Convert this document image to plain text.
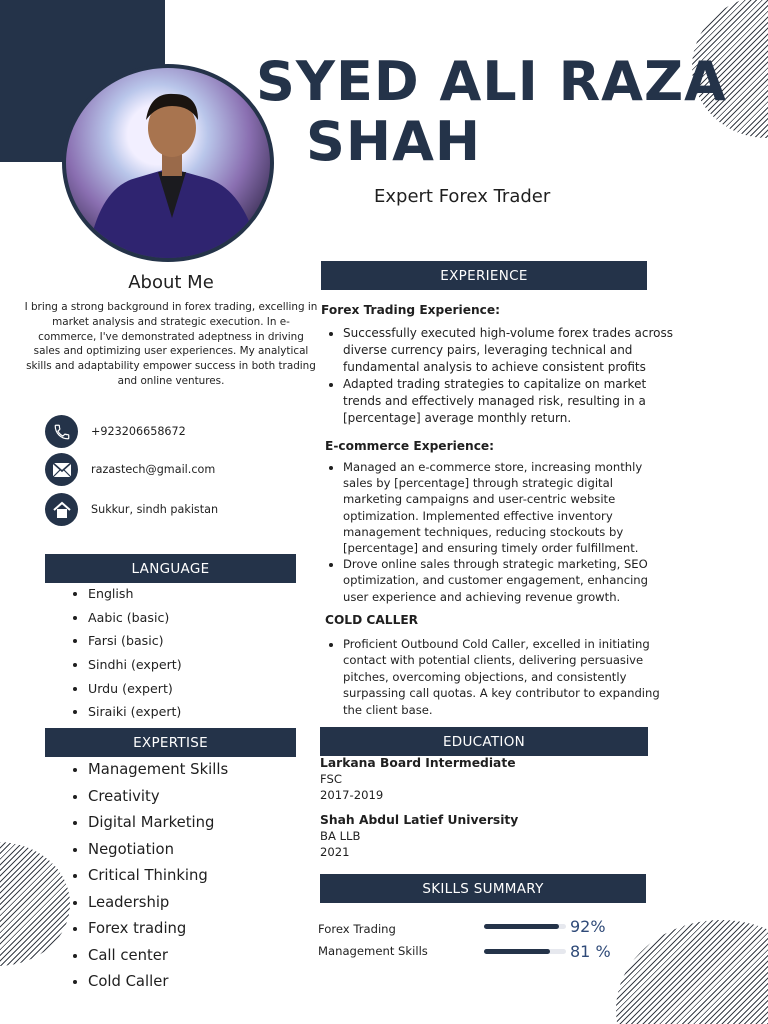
SYED ALI RAZA
SHAH
Expert Forex Trader
About Me
I bring a strong background in forex trading, excelling in market analysis and strategic execution. In e-commerce, I've demonstrated adeptness in driving sales and optimizing user experiences. My analytical skills and adaptability empower success in both trading and online ventures.
+923206658672
razastech@gmail.com
Sukkur, sindh pakistan
LANGUAGE
• English
• Aabic (basic)
• Farsi (basic)
• Sindhi (expert)
• Urdu (expert)
• Siraiki (expert)
EXPERTISE
• Management Skills
• Creativity
• Digital Marketing
• Negotiation
• Critical Thinking
• Leadership
• Forex trading
• Call center
• Cold Caller
EXPERIENCE
Forex Trading Experience:
• Successfully executed high-volume forex trades across
diverse currency pairs, leveraging technical and
fundamental analysis to achieve consistent profits
• Adapted trading strategies to capitalize on market
trends and effectively managed risk, resulting in a
[percentage] average monthly return.
E-commerce Experience:
• Managed an e-commerce store, increasing monthly
sales by [percentage] through strategic digital
marketing campaigns and user-centric website
optimization. Implemented effective inventory
management techniques, reducing stockouts by
[percentage] and ensuring timely order fulfillment.
• Drove online sales through strategic marketing, SEO
optimization, and customer engagement, enhancing
user experience and achieving revenue growth.
COLD CALLER
• Proficient Outbound Cold Caller, excelled in initiating
contact with potential clients, delivering persuasive
pitches, overcoming objections, and consistently
surpassing call quotas. A key contributor to expanding
the client base.
EDUCATION
Larkana Board Intermediate
FSC
2017-2019
Shah Abdul Latief University
BA LLB
2021
SKILLS SUMMARY
Forex Trading	92%
Management Skills	81 %
